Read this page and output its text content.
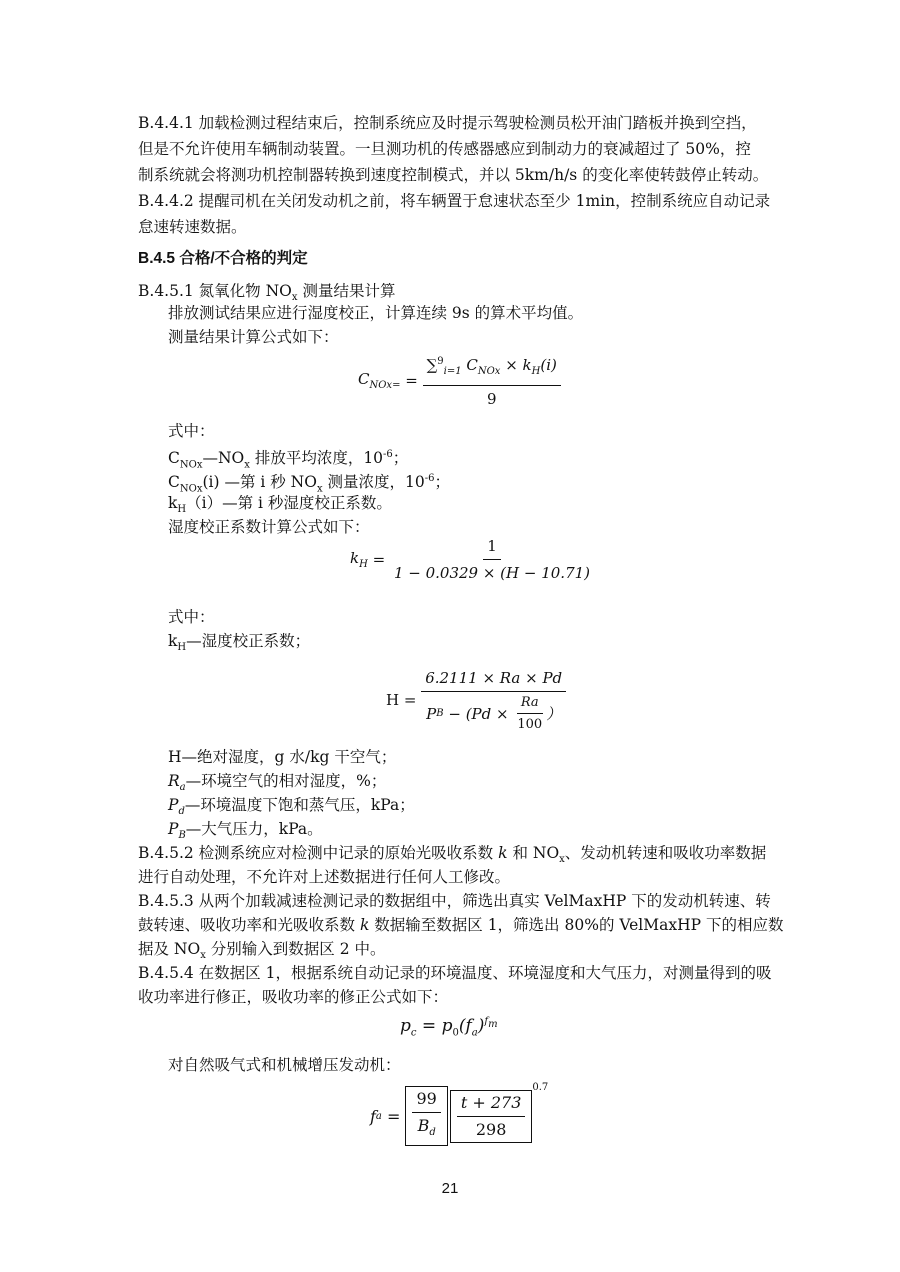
B.4.4.1 加载检测过程结束后，控制系统应及时提示驾驶检测员松开油门踏板并换到空挡，
但是不允许使用车辆制动装置。一旦测功机的传感器感应到制动力的衰减超过了 50%，控
制系统就会将测功机控制器转换到速度控制模式，并以 5km/h/s 的变化率使转鼓停止转动。
B.4.4.2 提醒司机在关闭发动机之前，将车辆置于怠速状态至少 1min，控制系统应自动记录
怠速转速数据。
B.4.5 合格/不合格的判定
B.4.5.1 氮氧化物 $NO_x$ 测量结果计算
排放测试结果应进行湿度校正，计算连续 9s 的算术平均值。
测量结果计算公式如下：
$C_{NOx=} = \frac{\sum^9_{i=1} C_{NOx} \times k_H(i)}{9}$
式中：
$C_{NOx}—NO_x$ 排放平均浓度，$10^{-6}$；
$C_{NOx}(i)$ —第 i 秒 $NO_x$ 测量浓度，$10^{-6}$；
$k_H(i)—$第 i 秒湿度校正系数。
湿度校正系数计算公式如下：
$k_H = \frac{1}{1 - 0.0329 \times (H - 10.71)}$
式中：
$k_H—$湿度校正系数；
$H = \frac{6.2111 \times Ra \times Pd}{P B - (Pd \times \frac{Ra}{100} )}$
H—绝对湿度，g 水/kg 干空气；
$R_a—$环境空气的相对湿度，%；
$P_d—$环境温度下饱和蒸气压，kPa；
$P_B—$大气压力，kPa。
B.4.5.2 检测系统应对检测中记录的原始光吸收系数 k 和 $NO_x$、发动机转速和吸收功率数据
进行自动处理，不允许对上述数据进行任何人工修改。
B.4.5.3 从两个加载减速检测记录的数据组中，筛选出真实 VelMaxHP 下的发动机转速、转
鼓转速、吸收功率和光吸收系数 k 数据输至数据区 1，筛选出 80%的 VelMaxHP 下的相应数
据及 $NO_x$ 分别输入到数据区 2 中。
B.4.5.4 在数据区 1，根据系统自动记录的环境温度、环境湿度和大气压力，对测量得到的吸
收功率进行修正，吸收功率的修正公式如下：
$p_c = p_0(f_a)^{f_m}$
对自然吸气式和机械增压发动机：
f $a = \frac{99}{B_d} \frac{t + 273}{298}$
$^{0.7}$
21
